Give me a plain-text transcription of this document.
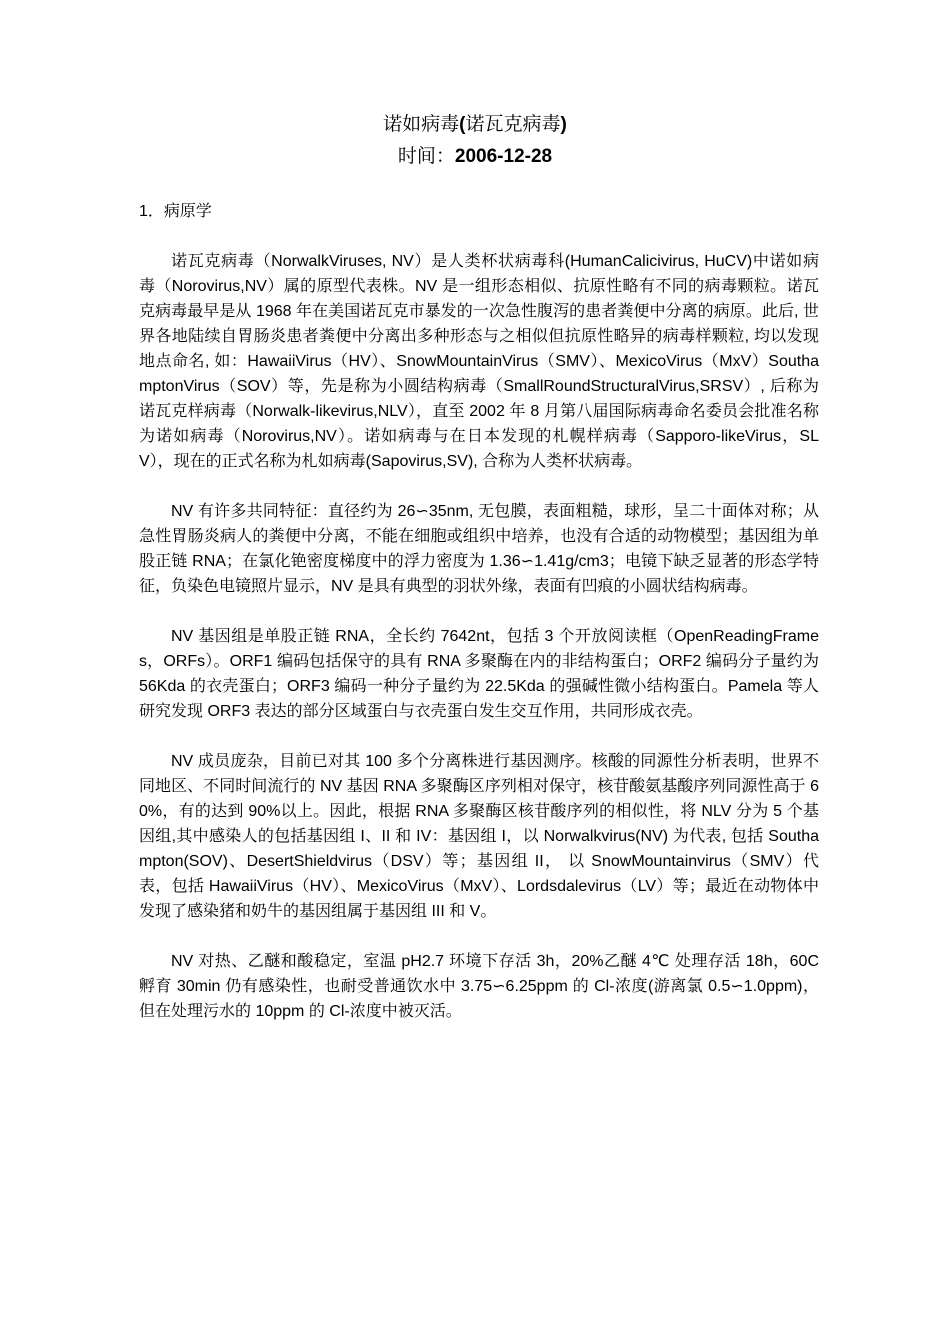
诺如病毒(诺瓦克病毒)
时间：2006-12-28

1．病原学

诺瓦克病毒（NorwalkViruses, NV）是人类杯状病毒科(HumanCalicivirus, HuCV)中诺如病毒（Norovirus,NV）属的原型代表株。NV 是一组形态相似、抗原性略有不同的病毒颗粒。诺瓦克病毒最早是从 1968 年在美国诺瓦克市暴发的一次急性腹泻的患者粪便中分离的病原。此后, 世界各地陆续自胃肠炎患者粪便中分离出多种形态与之相似但抗原性略异的病毒样颗粒, 均以发现地点命名, 如：HawaiiVirus（HV）、SnowMountainVirus（SMV）、MexicoVirus（MxV）SouthamptonVirus（SOV）等，先是称为小圆结构病毒（SmallRoundStructuralVirus,SRSV）, 后称为诺瓦克样病毒（Norwalk-likevirus,NLV），直至 2002 年 8 月第八届国际病毒命名委员会批准名称为诺如病毒（Norovirus,NV）。诺如病毒与在日本发现的札幌样病毒（Sapporo-likeVirus，SLV），现在的正式名称为札如病毒(Sapovirus,SV), 合称为人类杯状病毒。

NV 有许多共同特征：直径约为 26∽35nm, 无包膜，表面粗糙，球形，呈二十面体对称；从急性胃肠炎病人的粪便中分离，不能在细胞或组织中培养，也没有合适的动物模型；基因组为单股正链 RNA；在氯化铯密度梯度中的浮力密度为 1.36∽1.41g/cm3；电镜下缺乏显著的形态学特征，负染色电镜照片显示，NV 是具有典型的羽状外缘，表面有凹痕的小圆状结构病毒。

NV 基因组是单股正链 RNA，全长约 7642nt，包括 3 个开放阅读框（OpenReadingFrames，ORFs）。ORF1 编码包括保守的具有 RNA 多聚酶在内的非结构蛋白；ORF2 编码分子量约为 56Kda 的衣壳蛋白；ORF3 编码一种分子量约为 22.5Kda 的强碱性微小结构蛋白。Pamela 等人研究发现 ORF3 表达的部分区域蛋白与衣壳蛋白发生交互作用，共同形成衣壳。

NV 成员庞杂，目前已对其 100 多个分离株进行基因测序。核酸的同源性分析表明，世界不同地区、不同时间流行的 NV 基因 RNA 多聚酶区序列相对保守，核苷酸氨基酸序列同源性高于 60%，有的达到 90%以上。因此，根据 RNA 多聚酶区核苷酸序列的相似性，将 NLV 分为 5 个基因组,其中感染人的包括基因组 I、II 和 IV：基因组 I，以 Norwalkvirus(NV) 为代表, 包括 Southampton(SOV)、DesertShieldvirus（DSV）等；基因组 II， 以 SnowMountainvirus（SMV）代表，包括 HawaiiVirus（HV）、MexicoVirus（MxV）、Lordsdalevirus（LV）等；最近在动物体中发现了感染猪和奶牛的基因组属于基因组 III 和 V。

NV 对热、乙醚和酸稳定，室温 pH2.7 环境下存活 3h，20%乙醚 4℃ 处理存活 18h，60C 孵育 30min 仍有感染性，也耐受普通饮水中 3.75∽6.25ppm 的 Cl-浓度(游离氯 0.5∽1.0ppm)，但在处理污水的 10ppm 的 Cl-浓度中被灭活。
